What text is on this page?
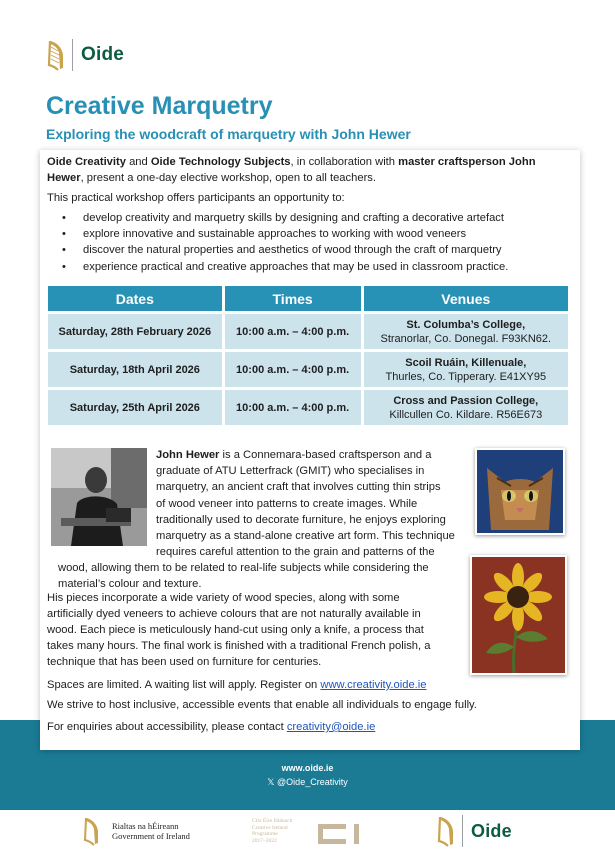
Oide
Creative Marquetry
Exploring the woodcraft of marquetry with John Hewer

Oide Creativity and Oide Technology Subjects, in collaboration with master craftsperson John Hewer, present a one-day elective workshop, open to all teachers.

This practical workshop offers participants an opportunity to:

• develop creativity and marquetry skills by designing and crafting a decorative artefact
• explore innovative and sustainable approaches to working with wood veneers
• discover the natural properties and aesthetics of wood through the craft of marquetry
• experience practical and creative approaches that may be used in classroom practice.
Dates	Times	Venues
Saturday, 28th February 2026	10:00 a.m. – 4:00 p.m.	St. Columba’s College,
Stranorlar, Co. Donegal. F93KN62.
Saturday, 18th April 2026	10:00 a.m. – 4:00 p.m.	Scoil Ruáin, Killenuale,
Thurles, Co. Tipperary. E41XY95
Saturday, 25th April 2026	10:00 a.m. – 4:00 p.m.	Cross and Passion College,
Killcullen Co. Kildare. R56E673
John Hewer is a Connemara-based craftsperson and a
graduate of ATU Letterfrack (GMIT) who specialises in
marquetry, an ancient craft that involves cutting thin strips
of wood veneer into patterns to create images. While
traditionally used to decorate furniture, he enjoys exploring
marquetry as a stand-alone creative art form. This technique
requires careful attention to the grain and patterns of the
wood, allowing them to be related to real-life subjects while considering the
material’s colour and texture.
His pieces incorporate a wide variety of wood species, along with some
artificially dyed veneers to achieve colours that are not naturally available in
wood. Each piece is meticulously hand-cut using only a knife, a process that
takes many hours. The final work is finished with a traditional French polish, a
technique that has been used on furniture for centuries.

Spaces are limited. A waiting list will apply. Register on www.creativity.oide.ie

We strive to host inclusive, accessible events that enable all individuals to engage fully.

For enquiries about accessibility, please contact creativity@oide.ie

www.oide.ie
𝕏 @Oide_Creativity
Rialtas na hÉireann
Government of Ireland
Clár Éire Ildánach
Creative Ireland
Programme
2017–2022	Oide
